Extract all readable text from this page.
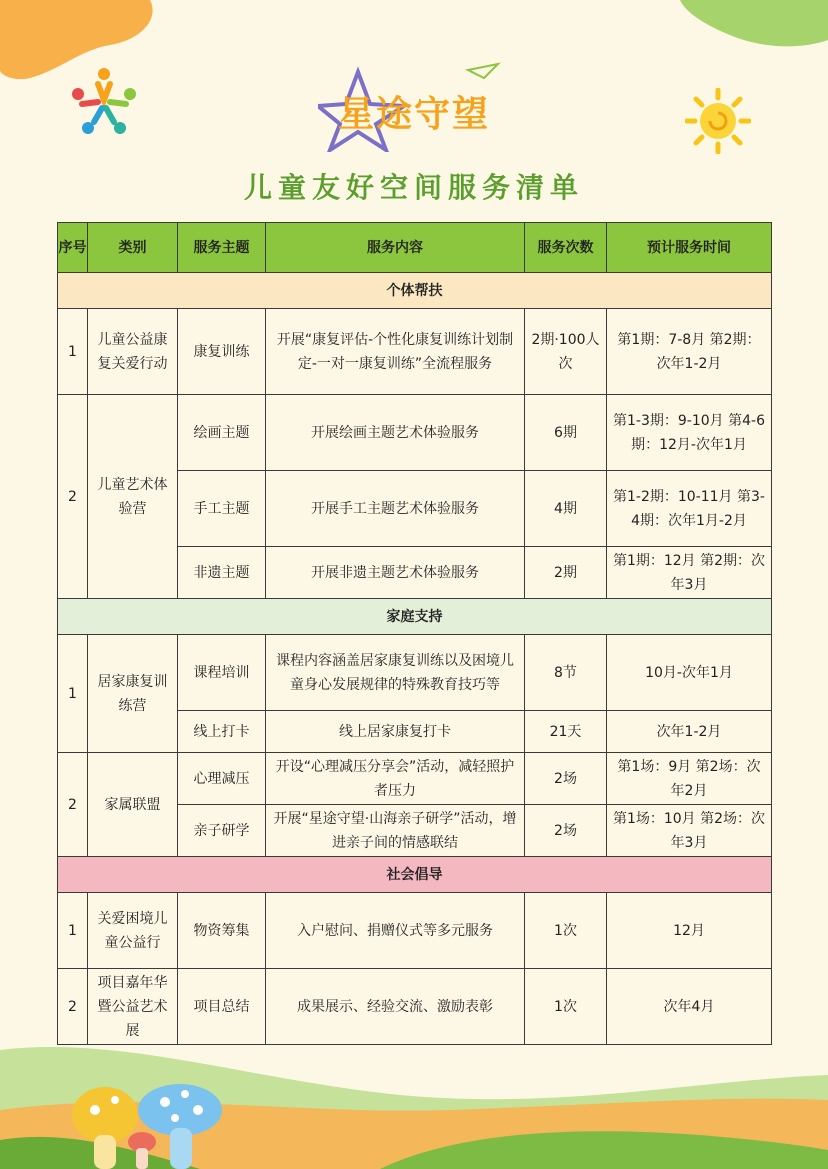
星途守望
儿童友好空间服务清单
序号	类别	服务主题	服务内容	服务次数	预计服务时间
个体帮扶					
1	儿童公益康复关爱行动	康复训练	开展“康复评估-个性化康复训练计划制定-一对一康复训练”全流程服务	2期·100人次	第1期：7-8月 第2期：次年1-2月
2	儿童艺术体验营	绘画主题	开展绘画主题艺术体验服务	6期	第1-3期：9-10月 第4-6期：12月-次年1月
		手工主题	开展手工主题艺术体验服务	4期	第1-2期：10-11月 第3-4期：次年1月-2月
		非遗主题	开展非遗主题艺术体验服务	2期	第1期：12月 第2期：次年3月
家庭支持					
1	居家康复训练营	课程培训	课程内容涵盖居家康复训练以及困境儿童身心发展规律的特殊教育技巧等	8节	10月-次年1月
		线上打卡	线上居家康复打卡	21天	次年1-2月
2	家属联盟	心理减压	开设“心理减压分享会”活动，减轻照护者压力	2场	第1场：9月 第2场：次年2月
		亲子研学	开展“星途守望·山海亲子研学”活动，增进亲子间的情感联结	2场	第1场：10月 第2场：次年3月
社会倡导					
1	关爱困境儿童公益行	物资筹集	入户慰问、捐赠仪式等多元服务	1次	12月
2	项目嘉年华暨公益艺术展	项目总结	成果展示、经验交流、激励表彰	1次	次年4月
